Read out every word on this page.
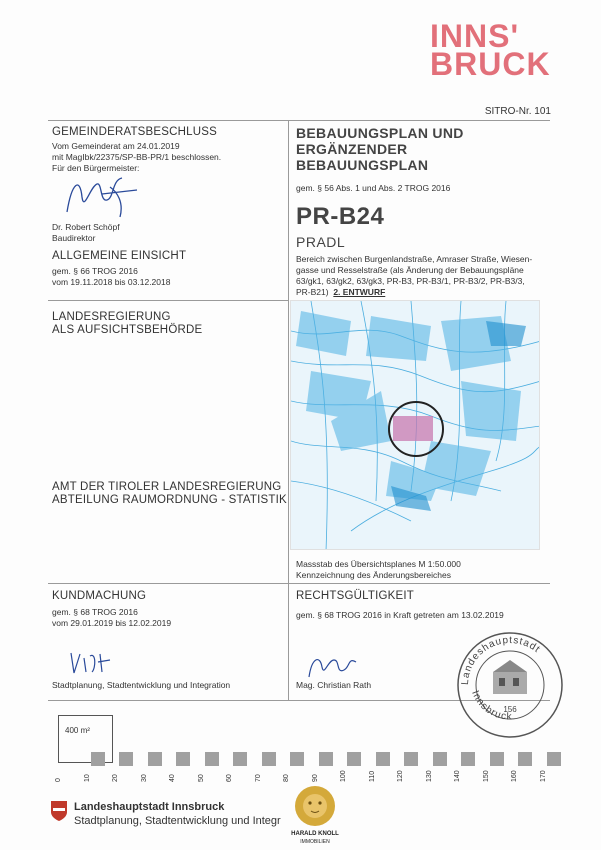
INNS'
BRUCK
SITRO-Nr. 101
GEMEINDERATSBESCHLUSS
Vom Gemeinderat am 24.01.2019
mit MagIbk/22375/SP-BB-PR/1 beschlossen.
Für den Bürgermeister:
Dr. Robert Schöpf
Baudirektor
ALLGEMEINE EINSICHT
gem. § 66 TROG 2016
vom 19.11.2018 bis 03.12.2018
LANDESREGIERUNG
ALS AUFSICHTSBEHÖRDE
AMT DER TIROLER LANDESREGIERUNG
ABTEILUNG RAUMORDNUNG - STATISTIK
KUNDMACHUNG
gem. § 68 TROG 2016
vom 29.01.2019 bis 12.02.2019
Stadtplanung, Stadtentwicklung und Integration
BEBAUUNGSPLAN UND
ERGÄNZENDER
BEBAUUNGSPLAN
gem. § 56 Abs. 1 und Abs. 2 TROG 2016
PR-B24
PRADL
Bereich zwischen Burgenlandstraße, Amraser Straße, Wiesen-
gasse und Resselstraße (als Änderung der Bebauungspläne
63/gk1, 63/gk2, 63/gk3, PR-B3, PR-B3/1, PR-B3/2, PR-B3/3,
PR-B21) 2. ENTWURF
Massstab des Übersichtsplanes M 1:50.000
Kennzeichnung des Änderungsbereiches
RECHTSGÜLTIGKEIT
gem. § 68 TROG 2016 in Kraft getreten am 13.02.2019
Mag. Christian Rath	Landeshauptstadt
Innsbruck
156
400 m²
0	10	20	30	40	50	60	70	80	90	100	110	120	130	140	150	160	170
Landeshauptstadt Innsbruck
Stadtplanung, Stadtentwicklung und Integr
HARALD KNOLL
IMMOBILIEN
